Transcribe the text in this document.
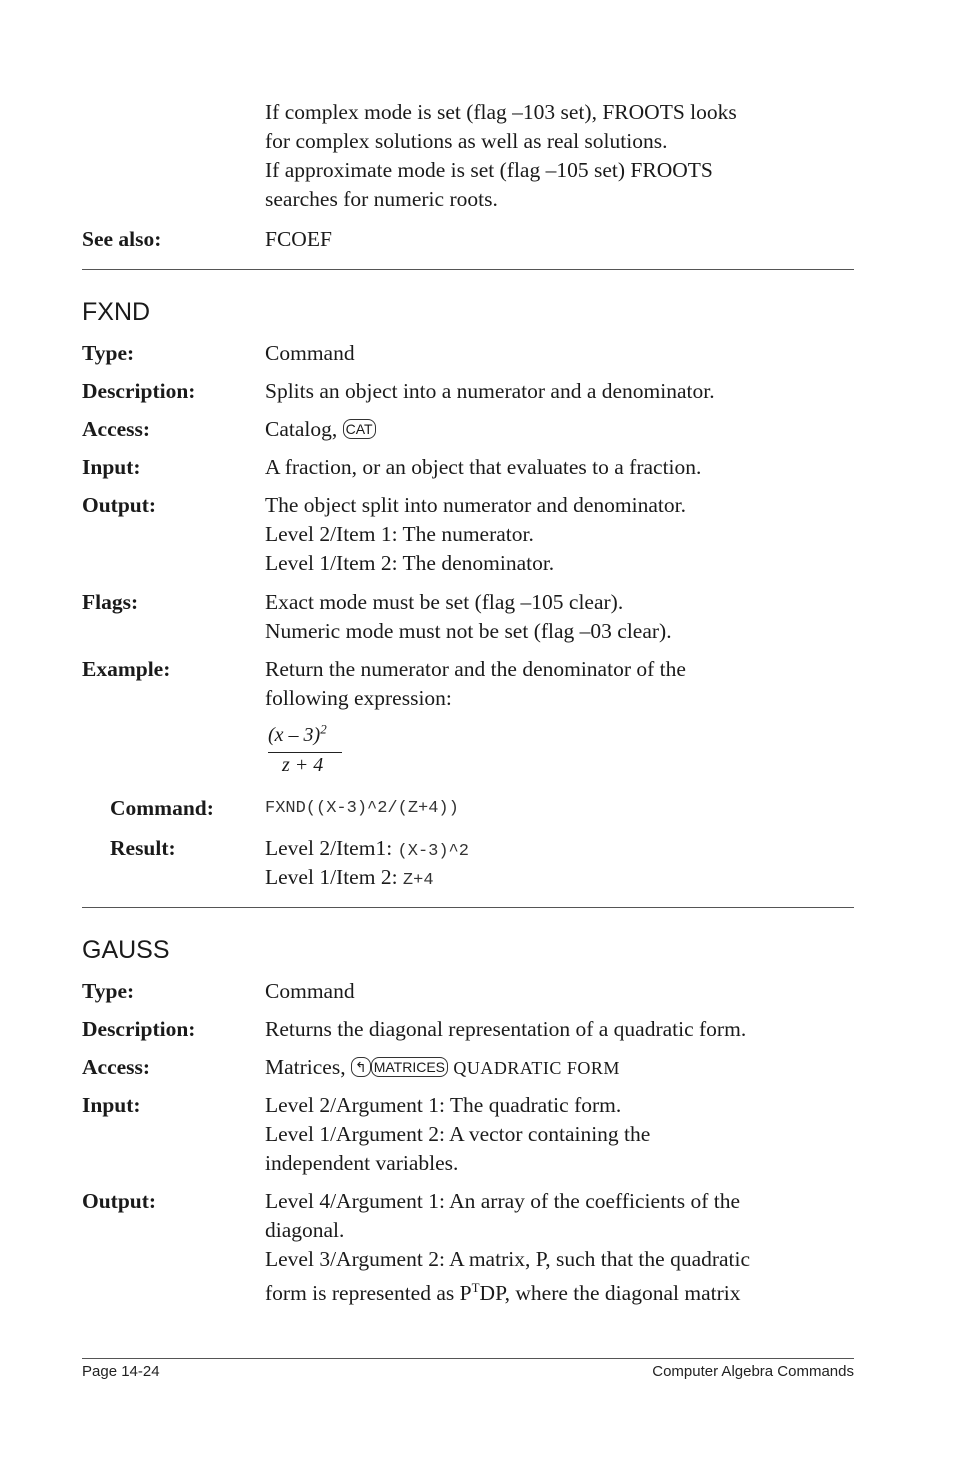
If complex mode is set (flag –103 set), FROOTS looks
for complex solutions as well as real solutions.
If approximate mode is set (flag –105 set) FROOTS
searches for numeric roots.
See also:	FCOEF
FXND
Type:	Command
Description:	Splits an object into a numerator and a denominator.
Access:	Catalog, CAT
Input:	A fraction, or an object that evaluates to a fraction.
Output:	The object split into numerator and denominator.
Level 2/Item 1: The numerator.
Level 1/Item 2: The denominator.
Flags:	Exact mode must be set (flag –105 clear).
Numeric mode must not be set (flag –03 clear).
Example:	Return the numerator and the denominator of the
following expression:
(x – 3)$^2$
z + 4
Command:	FXND((X-3)^2/(Z+4))
Result:	Level 2/Item1: (X-3)^2
Level 1/Item 2: Z+4
GAUSS
Type:	Command
Description:	Returns the diagonal representation of a quadratic form.
Access:	Matrices, ↰ MATRICES QUADRATIC FORM
Input:	Level 2/Argument 1: The quadratic form.
Level 1/Argument 2: A vector containing the
independent variables.
Output:	Level 4/Argument 1: An array of the coefficients of the
diagonal.
Level 3/Argument 2: A matrix, P, such that the quadratic
form is represented as $P^TDP$, where the diagonal matrix
Page 14-24	Computer Algebra Commands
